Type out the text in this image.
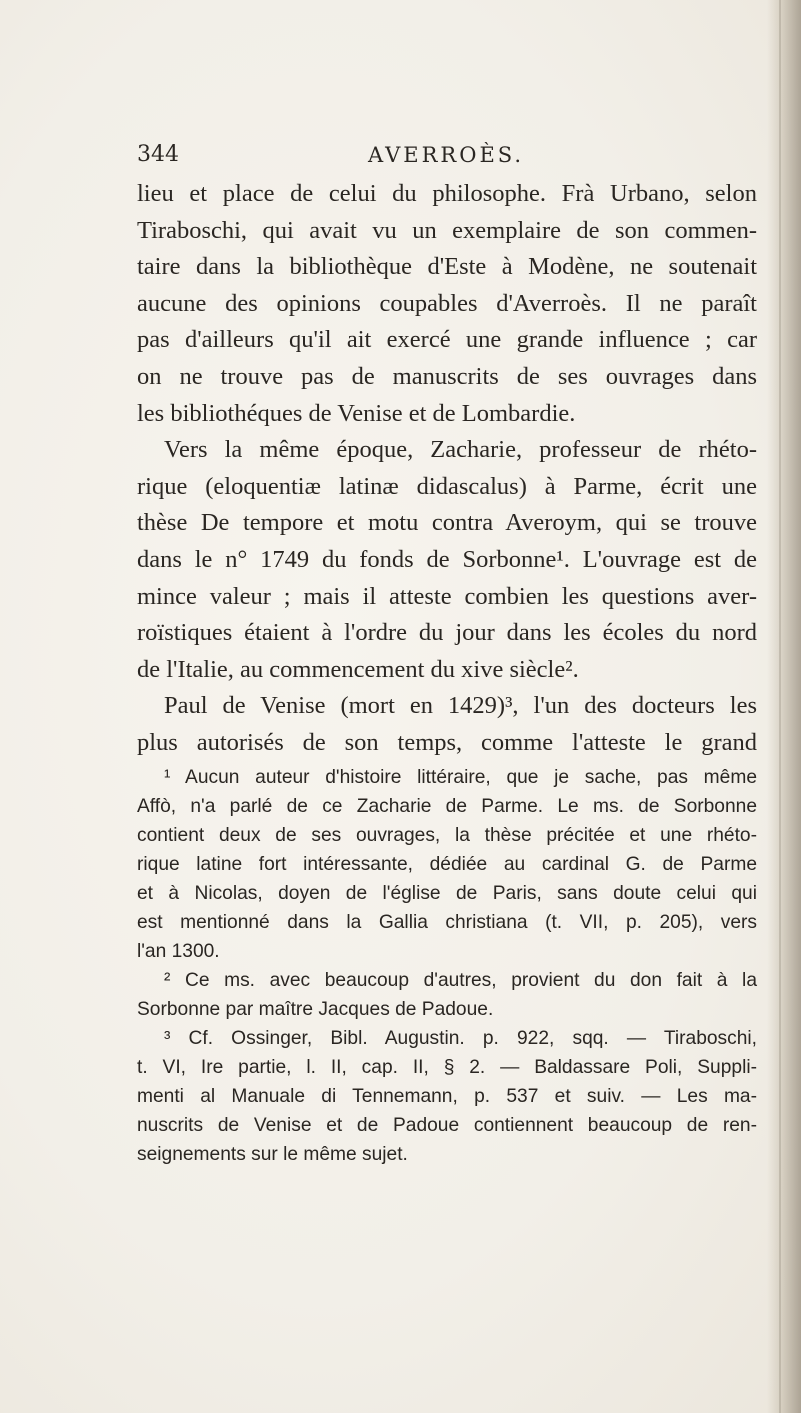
344	AVERROÈS.

lieu et place de celui du philosophe. Frà Urbano, selon
Tiraboschi, qui avait vu un exemplaire de son commen-
taire dans la bibliothèque d'Este à Modène, ne soutenait
aucune des opinions coupables d'Averroès. Il ne paraît
pas d'ailleurs qu'il ait exercé une grande influence ; car
on ne trouve pas de manuscrits de ses ouvrages dans
les bibliothéques de Venise et de Lombardie.

Vers la même époque, Zacharie, professeur de rhéto-
rique (eloquentiæ latinæ didascalus) à Parme, écrit une
thèse De tempore et motu contra Averoym, qui se trouve
dans le n° 1749 du fonds de Sorbonne¹. L'ouvrage est de
mince valeur ; mais il atteste combien les questions aver-
roïstiques étaient à l'ordre du jour dans les écoles du nord
de l'Italie, au commencement du xive siècle².

Paul de Venise (mort en 1429)³, l'un des docteurs les
plus autorisés de son temps, comme l'atteste le grand

¹ Aucun auteur d'histoire littéraire, que je sache, pas même
Affò, n'a parlé de ce Zacharie de Parme. Le ms. de Sorbonne
contient deux de ses ouvrages, la thèse précitée et une rhéto-
rique latine fort intéressante, dédiée au cardinal G. de Parme
et à Nicolas, doyen de l'église de Paris, sans doute celui qui
est mentionné dans la Gallia christiana (t. VII, p. 205), vers
l'an 1300.
² Ce ms. avec beaucoup d'autres, provient du don fait à la
Sorbonne par maître Jacques de Padoue.
³ Cf. Ossinger, Bibl. Augustin. p. 922, sqq. — Tiraboschi,
t. VI, Ire partie, l. II, cap. II, § 2. — Baldassare Poli, Suppli-
menti al Manuale di Tennemann, p. 537 et suiv. — Les ma-
nuscrits de Venise et de Padoue contiennent beaucoup de ren-
seignements sur le même sujet.
